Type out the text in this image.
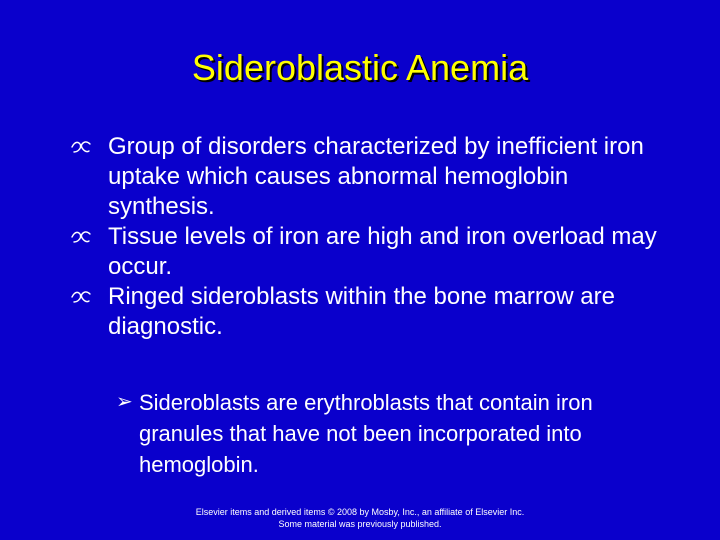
Sideroblastic Anemia
Group of disorders characterized by inefficient iron uptake which causes abnormal hemoglobin synthesis.
Tissue levels of iron are high and iron overload may occur.
Ringed sideroblasts within the bone marrow are diagnostic.
➢ Sideroblasts are erythroblasts that contain iron granules that have not been incorporated into hemoglobin.
Elsevier items and derived items © 2008 by Mosby, Inc., an affiliate of Elsevier Inc.
Some material was previously published.
